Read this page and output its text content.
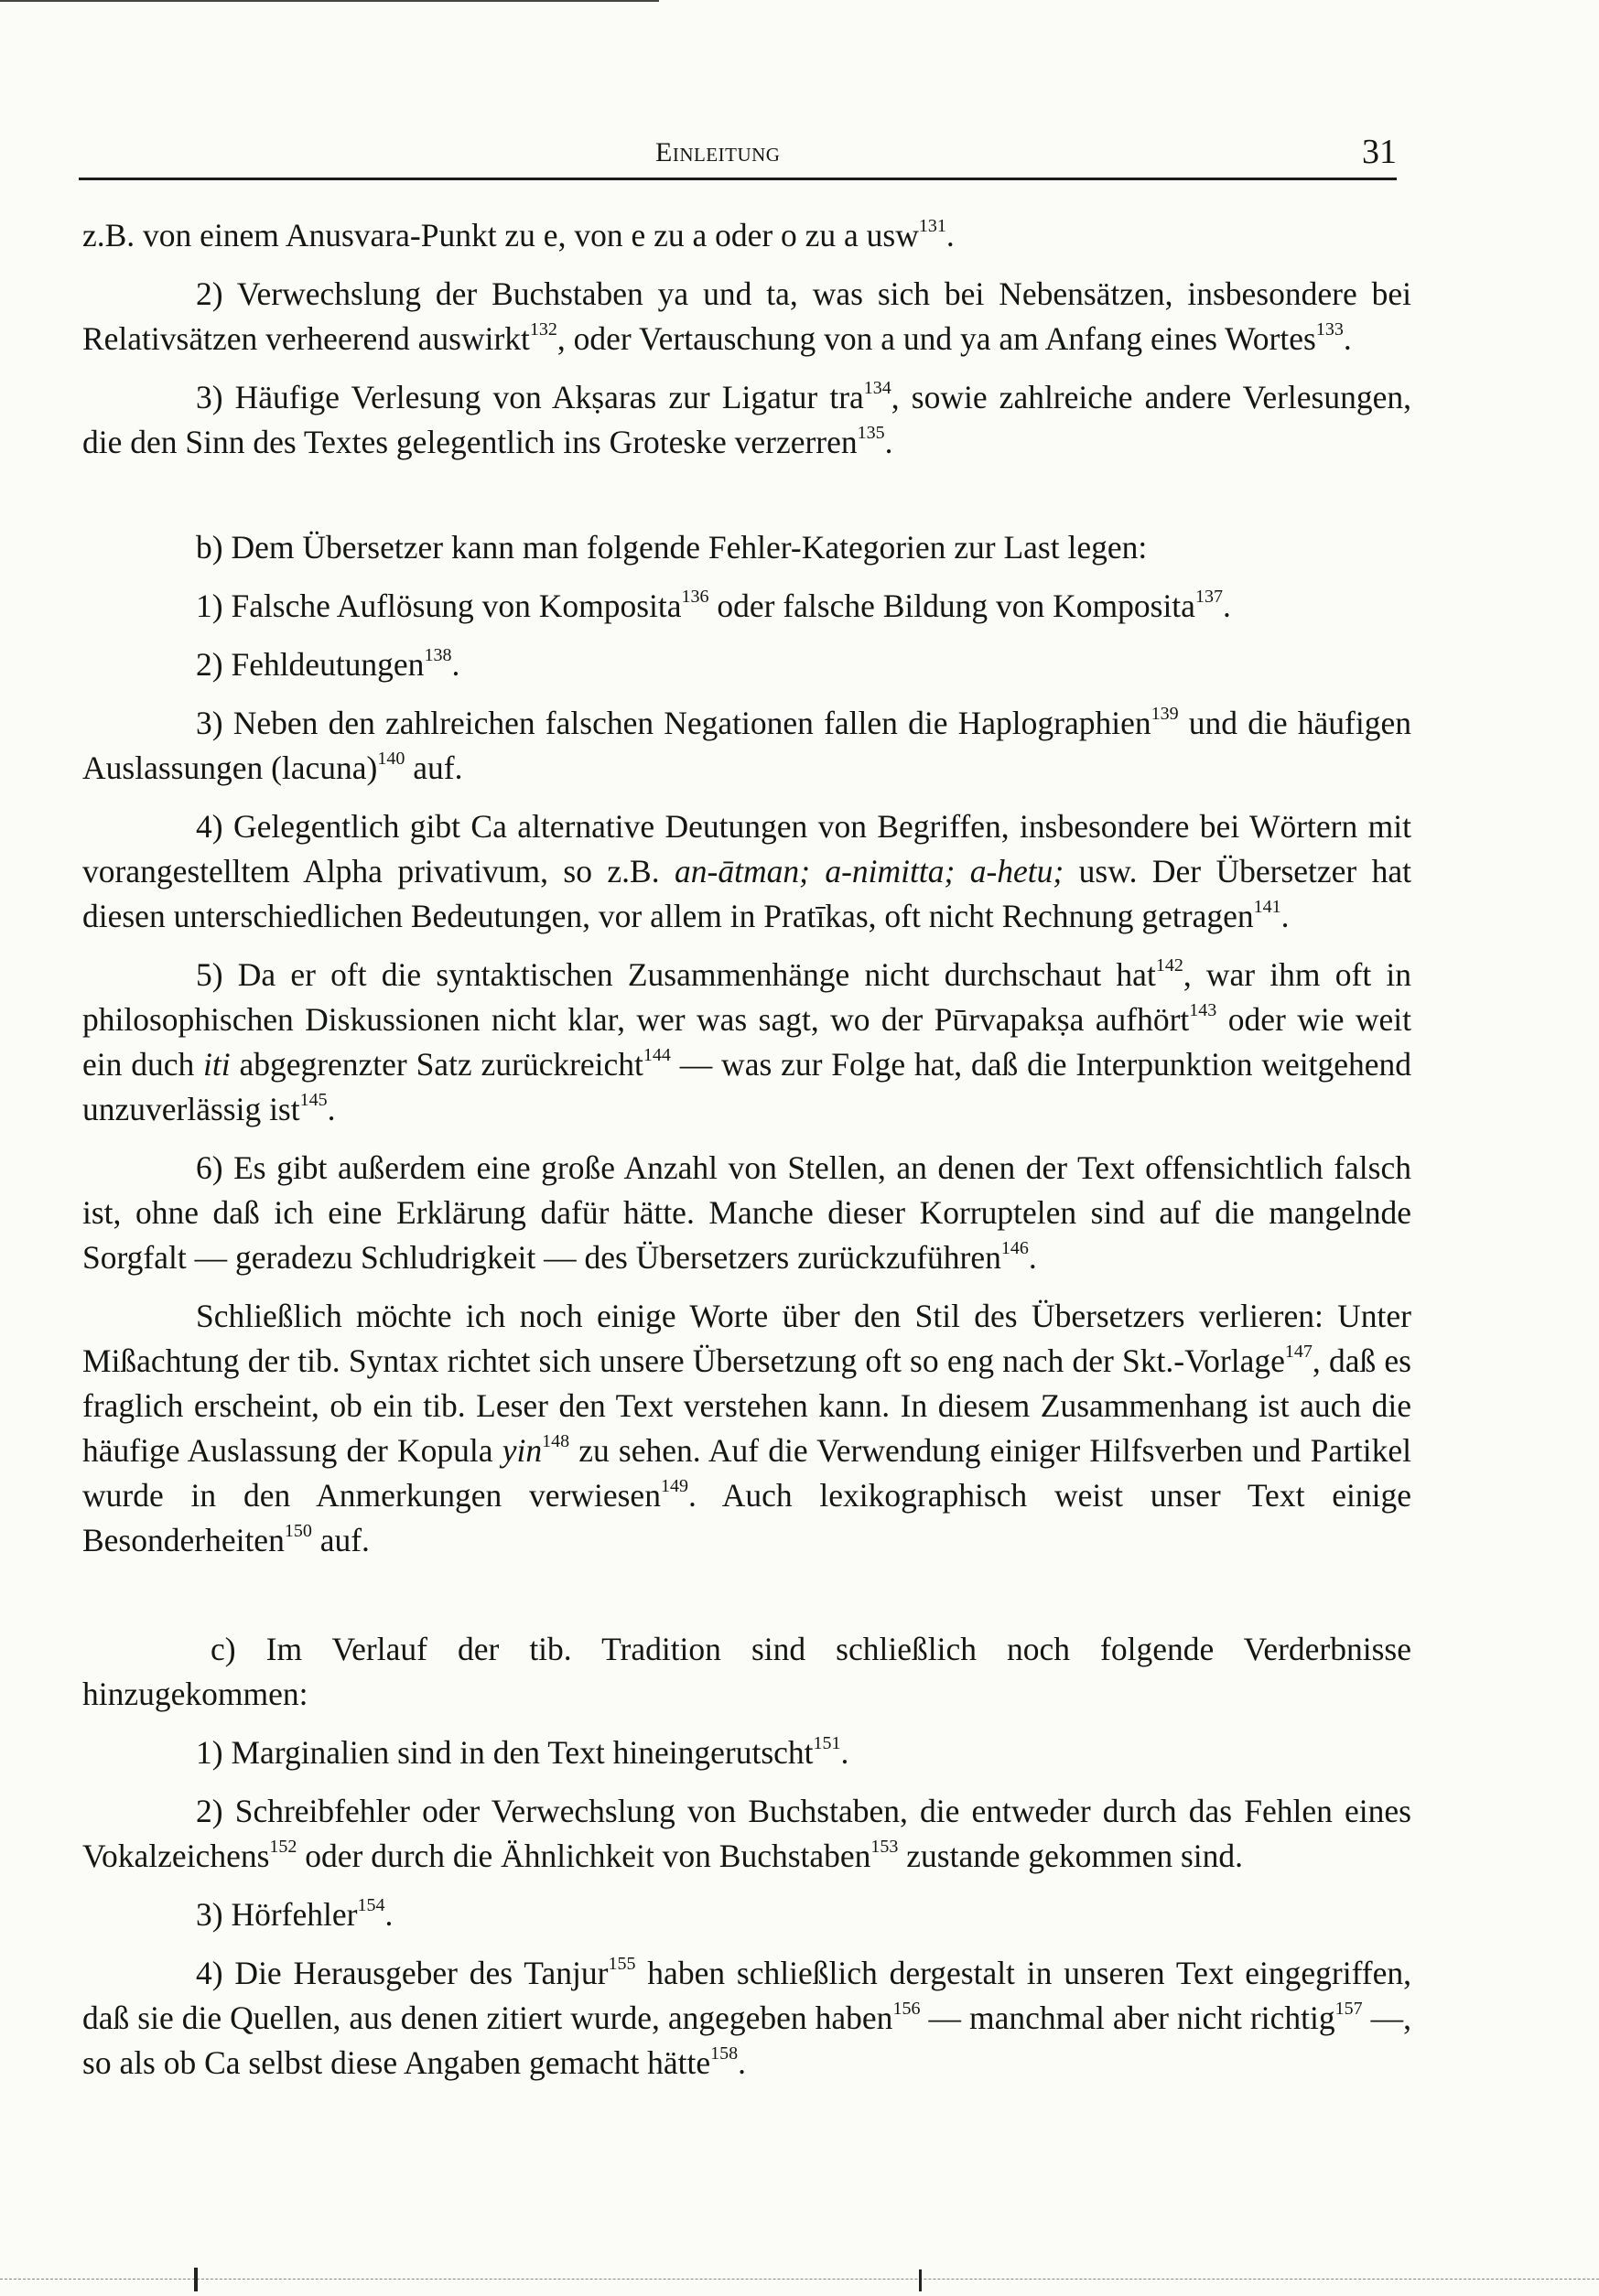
Einleitung	31

z.B. von einem Anusvara-Punkt zu e, von e zu a oder o zu a usw$^{131}$.

2) Verwechslung der Buchstaben ya und ta, was sich bei Nebensätzen, insbesondere bei Relativsätzen verheerend auswirkt$^{132}$, oder Vertauschung von a und ya am Anfang eines Wortes$^{133}$.

3) Häufige Verlesung von Akṣaras zur Ligatur tra$^{134}$, sowie zahlreiche andere Verlesungen, die den Sinn des Textes gelegentlich ins Groteske verzerren$^{135}$.

b) Dem Übersetzer kann man folgende Fehler-Kategorien zur Last legen:

1) Falsche Auflösung von Komposita$^{136}$ oder falsche Bildung von Komposita$^{137}$.

2) Fehldeutungen$^{138}$.

3) Neben den zahlreichen falschen Negationen fallen die Haplographien$^{139}$ und die häufigen Auslassungen (lacuna)$^{140}$ auf.

4) Gelegentlich gibt Ca alternative Deutungen von Begriffen, insbesondere bei Wörtern mit vorangestelltem Alpha privativum, so z.B. an-ātman; a-nimitta; a-hetu; usw. Der Übersetzer hat diesen unterschiedlichen Bedeutungen, vor allem in Pratīkas, oft nicht Rechnung getragen$^{141}$.

5) Da er oft die syntaktischen Zusammenhänge nicht durchschaut hat$^{142}$, war ihm oft in philosophischen Diskussionen nicht klar, wer was sagt, wo der Pūrvapakṣa aufhört$^{143}$ oder wie weit ein duch iti abgegrenzter Satz zurückreicht$^{144}$ — was zur Folge hat, daß die Interpunktion weitgehend unzuverlässig ist$^{145}$.

6) Es gibt außerdem eine große Anzahl von Stellen, an denen der Text offensichtlich falsch ist, ohne daß ich eine Erklärung dafür hätte. Manche dieser Korruptelen sind auf die mangelnde Sorgfalt — geradezu Schludrigkeit — des Übersetzers zurückzuführen$^{146}$.

Schließlich möchte ich noch einige Worte über den Stil des Übersetzers verlieren: Unter Mißachtung der tib. Syntax richtet sich unsere Übersetzung oft so eng nach der Skt.-Vorlage$^{147}$, daß es fraglich erscheint, ob ein tib. Leser den Text verstehen kann. In diesem Zusammenhang ist auch die häufige Auslassung der Kopula yin$^{148}$ zu sehen. Auf die Verwendung einiger Hilfsverben und Partikel wurde in den Anmerkungen verwiesen$^{149}$. Auch lexikographisch weist unser Text einige Besonderheiten$^{150}$ auf.

c) Im Verlauf der tib. Tradition sind schließlich noch folgende Verderbnisse hinzugekommen:

1) Marginalien sind in den Text hineingerutscht$^{151}$.

2) Schreibfehler oder Verwechslung von Buchstaben, die entweder durch das Fehlen eines Vokalzeichens$^{152}$ oder durch die Ähnlichkeit von Buchstaben$^{153}$ zustande gekommen sind.

3) Hörfehler$^{154}$.

4) Die Herausgeber des Tanjur$^{155}$ haben schließlich dergestalt in unseren Text eingegriffen, daß sie die Quellen, aus denen zitiert wurde, angegeben haben$^{156}$ — manchmal aber nicht richtig$^{157}$ —, so als ob Ca selbst diese Angaben gemacht hätte$^{158}$.
